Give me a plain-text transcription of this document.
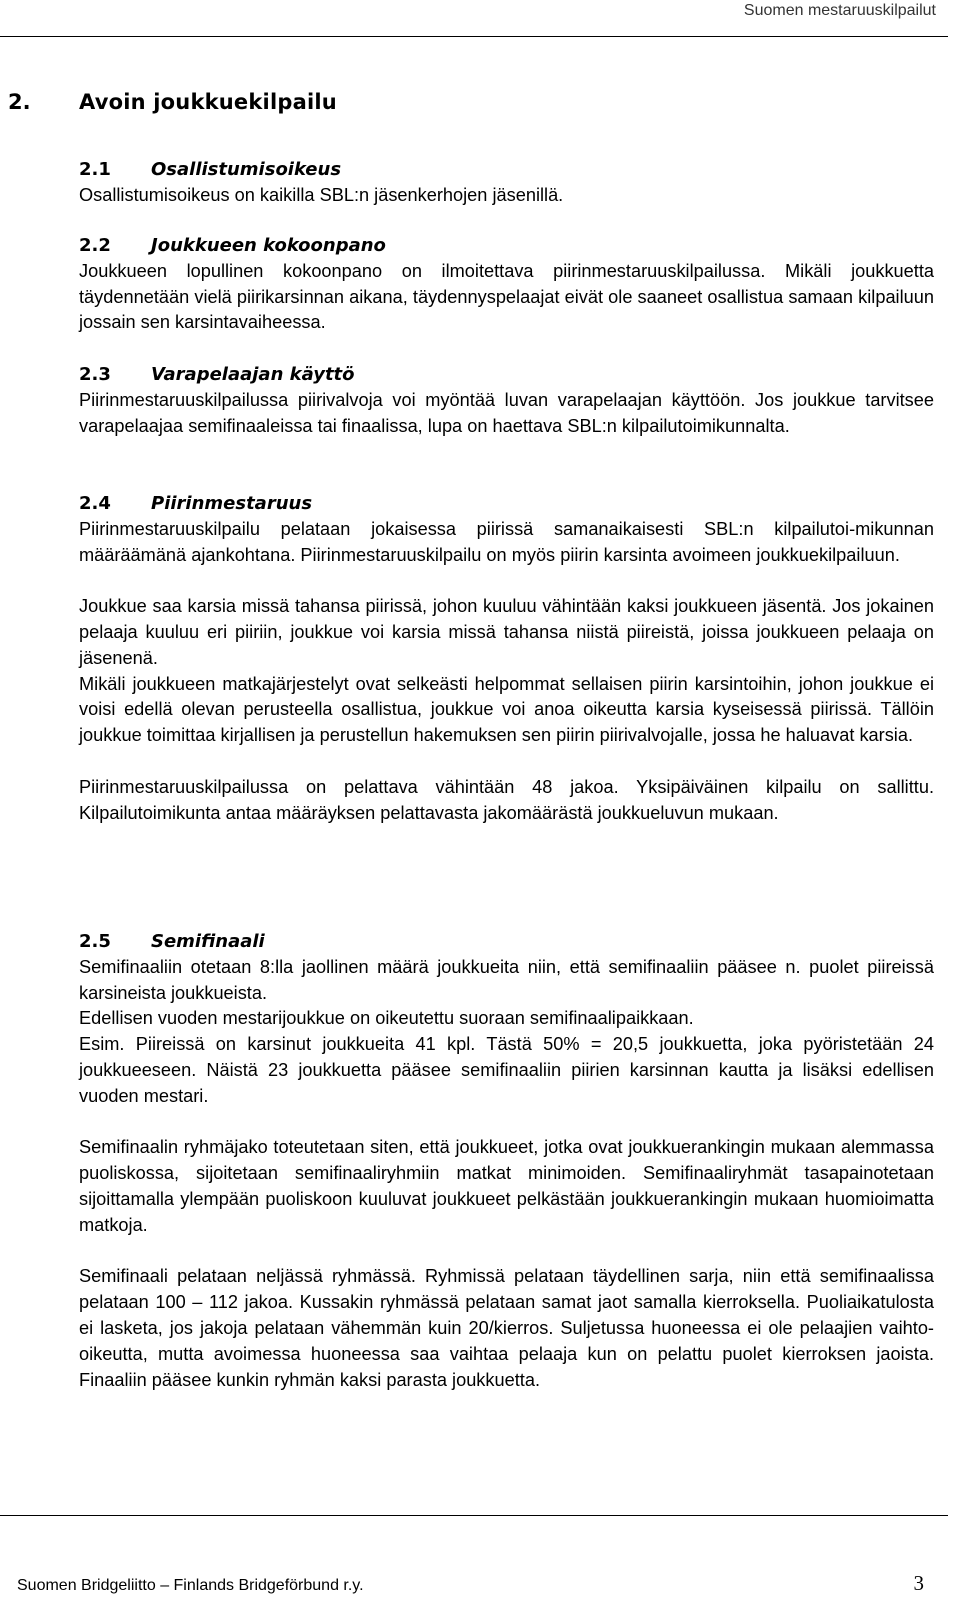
Suomen mestaruuskilpailut
2. Avoin joukkuekilpailu
2.1	Osallistumisoikeus

Osallistumisoikeus on kaikilla SBL:n jäsenkerhojen jäsenillä.

2.2	Joukkueen kokoonpano

Joukkueen lopullinen kokoonpano on ilmoitettava piirinmestaruuskilpailussa. Mikäli joukkuetta täydennetään vielä piirikarsinnan aikana, täydennyspelaajat eivät ole saaneet osallistua samaan kilpailuun jossain sen karsintavaiheessa.

2.3	Varapelaajan käyttö

Piirinmestaruuskilpailussa piirivalvoja voi myöntää luvan varapelaajan käyttöön. Jos joukkue tarvitsee varapelaajaa semifinaaleissa tai finaalissa, lupa on haettava SBL:n kilpailutoimikunnalta.

2.4	Piirinmestaruus

Piirinmestaruuskilpailu pelataan jokaisessa piirissä samanaikaisesti SBL:n kilpailutoi-mikunnan määräämänä ajankohtana. Piirinmestaruuskilpailu on myös piirin karsinta avoimeen joukkuekilpailuun.

Joukkue saa karsia missä tahansa piirissä, johon kuuluu vähintään kaksi joukkueen jäsentä. Jos jokainen pelaaja kuuluu eri piiriin, joukkue voi karsia missä tahansa niistä piireistä, joissa joukkueen pelaaja on jäsenenä.

Mikäli joukkueen matkajärjestelyt ovat selkeästi helpommat sellaisen piirin karsintoihin, johon joukkue ei voisi edellä olevan perusteella osallistua, joukkue voi anoa oikeutta karsia kyseisessä piirissä. Tällöin joukkue toimittaa kirjallisen ja perustellun hakemuksen sen piirin piirivalvojalle, jossa he haluavat karsia.

Piirinmestaruuskilpailussa on pelattava vähintään 48 jakoa. Yksipäiväinen kilpailu on sallittu. Kilpailutoimikunta antaa määräyksen pelattavasta jakomäärästä joukkueluvun mukaan.

2.5	Semifinaali

Semifinaaliin otetaan 8:lla jaollinen määrä joukkueita niin, että semifinaaliin pääsee n. puolet piireissä karsineista joukkueista.

Edellisen vuoden mestarijoukkue on oikeutettu suoraan semifinaalipaikkaan.

Esim. Piireissä on karsinut joukkueita 41 kpl. Tästä 50% = 20,5 joukkuetta, joka pyöristetään 24 joukkueeseen. Näistä 23 joukkuetta pääsee semifinaaliin piirien karsinnan kautta ja lisäksi edellisen vuoden mestari.

Semifinaalin ryhmäjako toteutetaan siten, että joukkueet, jotka ovat joukkuerankingin mukaan alemmassa puoliskossa, sijoitetaan semifinaaliryhmiin matkat minimoiden. Semifinaaliryhmät tasapainotetaan sijoittamalla ylempään puoliskoon kuuluvat joukkueet pelkästään joukkuerankingin mukaan huomioimatta matkoja.

Semifinaali pelataan neljässä ryhmässä. Ryhmissä pelataan täydellinen sarja, niin että semifinaalissa pelataan 100 – 112 jakoa. Kussakin ryhmässä pelataan samat jaot samalla kierroksella. Puoliaikatulosta ei lasketa, jos jakoja pelataan vähemmän kuin 20/kierros. Suljetussa huoneessa ei ole pelaajien vaihto-oikeutta, mutta avoimessa huoneessa saa vaihtaa pelaaja kun on pelattu puolet kierroksen jaoista. Finaaliin pääsee kunkin ryhmän kaksi parasta joukkuetta.

Suomen Bridgeliitto – Finlands Bridgeförbund r.y.	3
